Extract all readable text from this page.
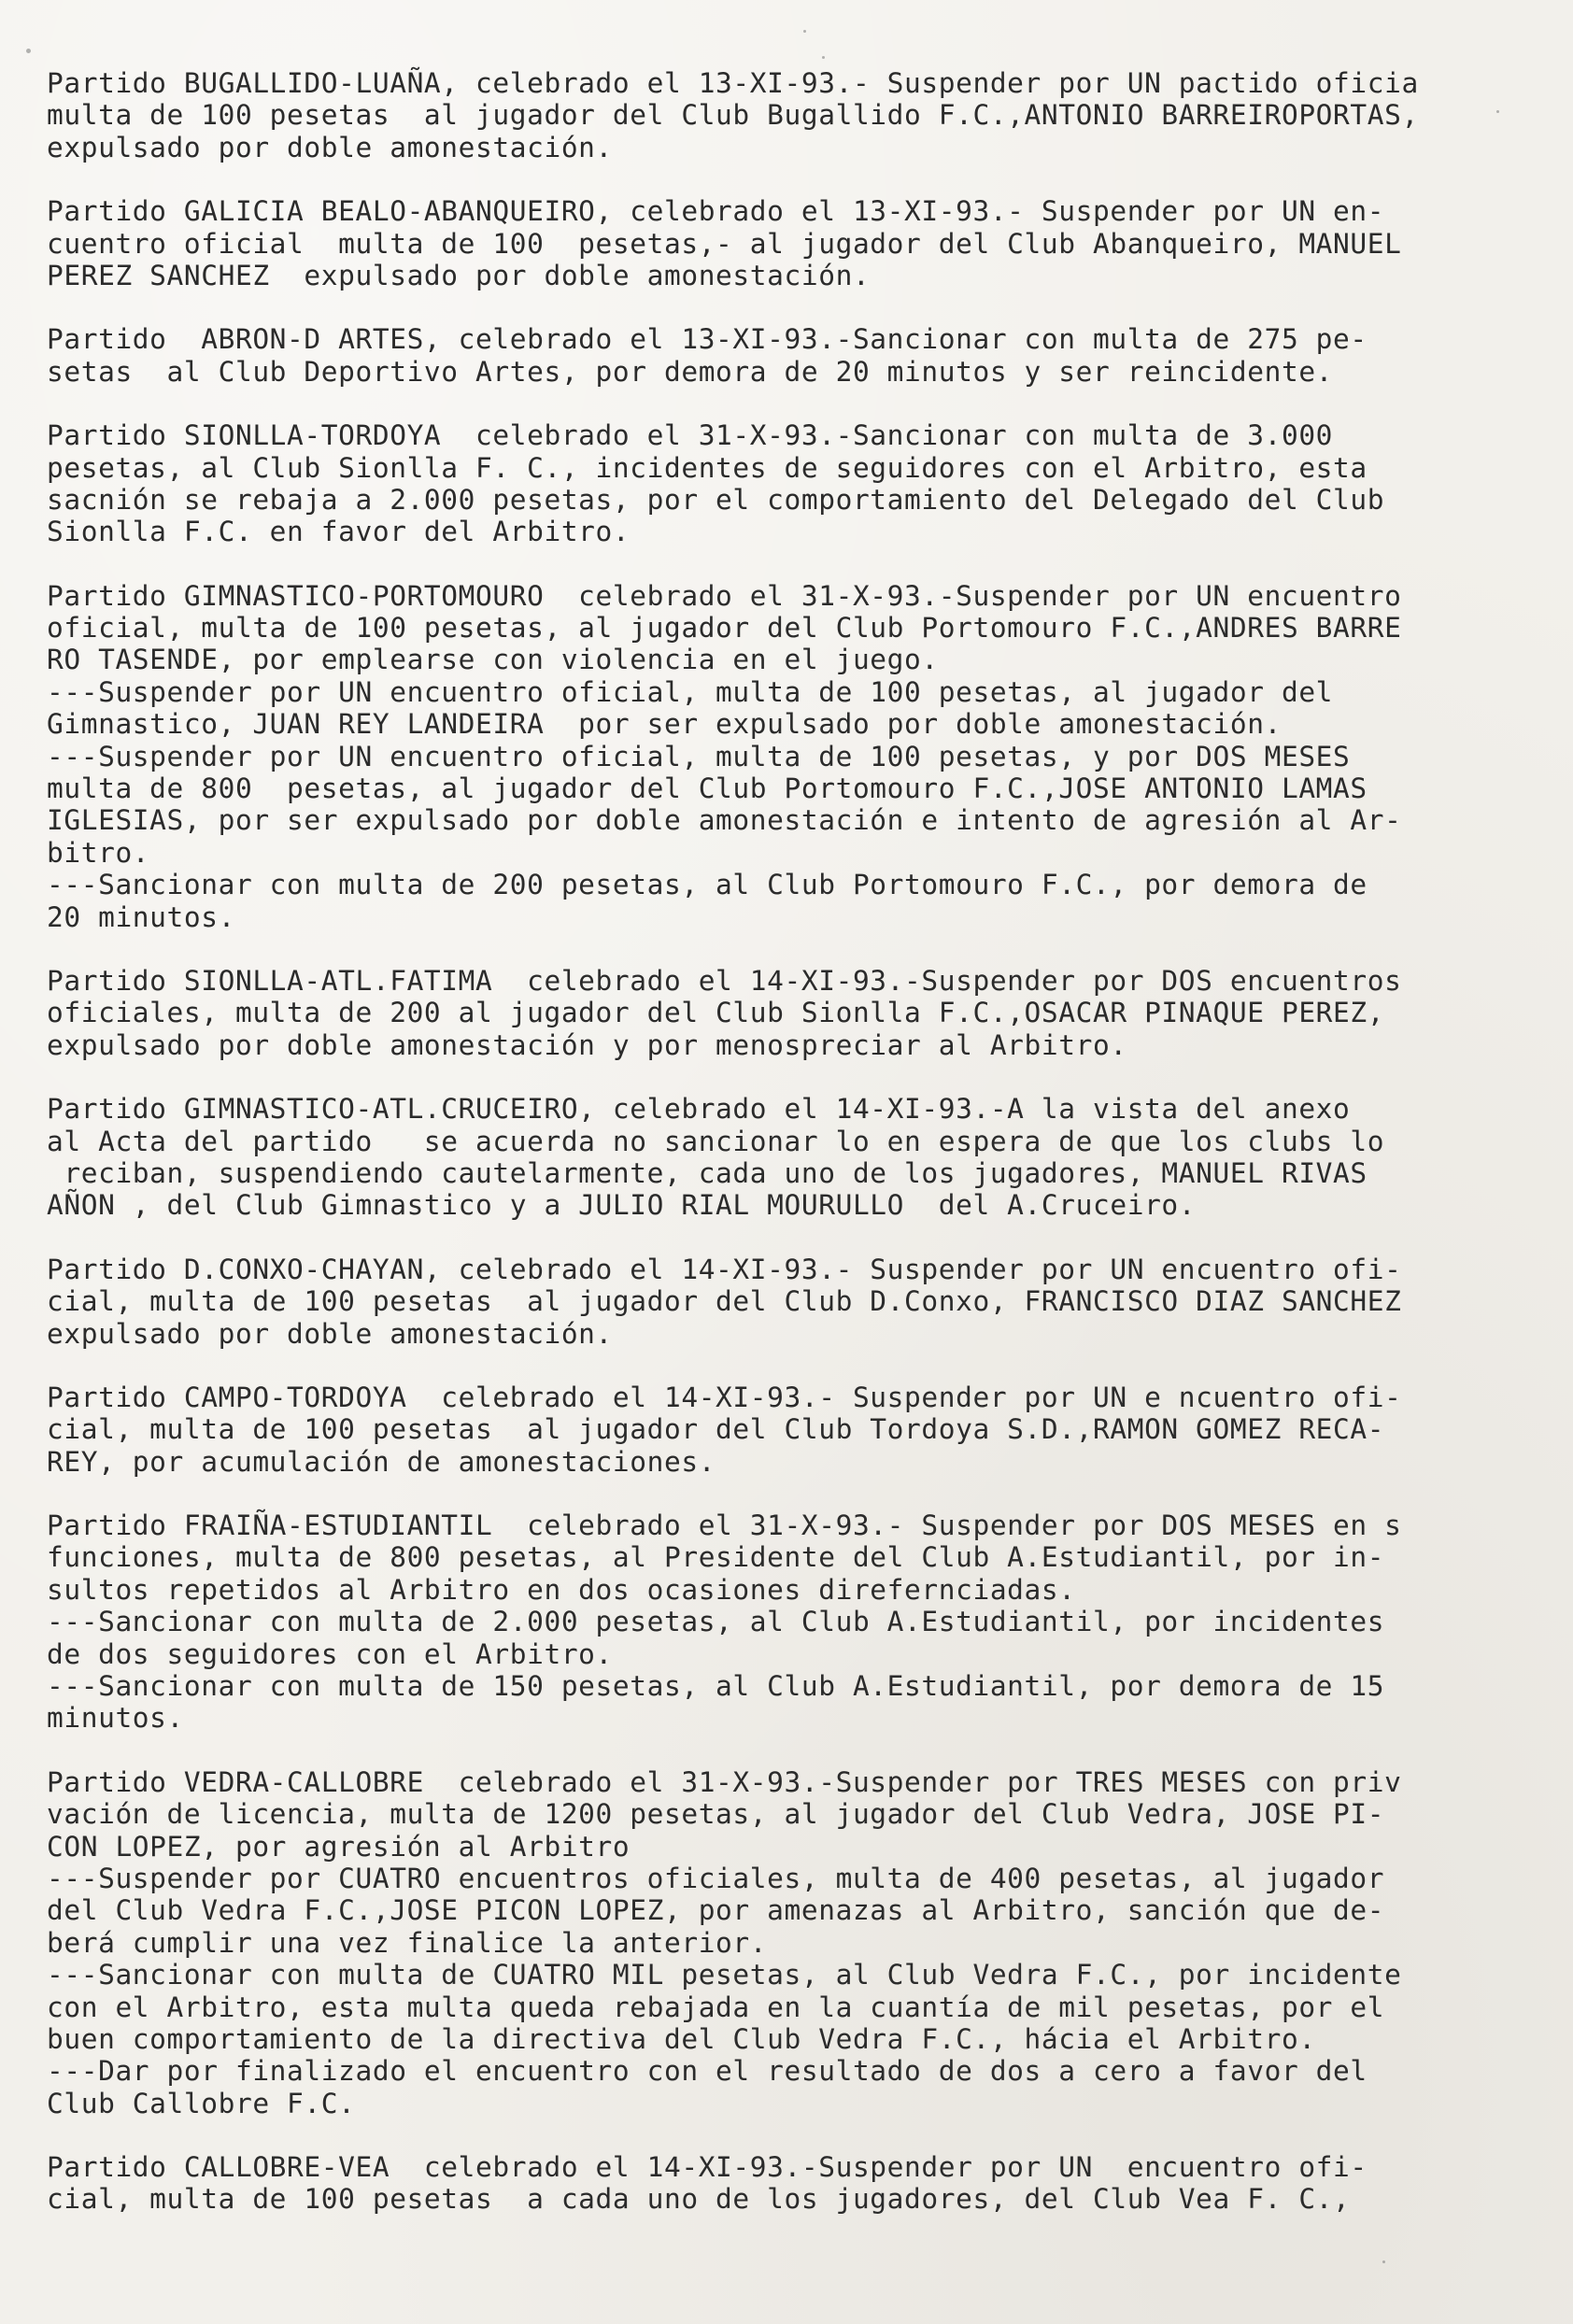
Partido BUGALLIDO-LUAÑA, celebrado el 13-XI-93.- Suspender por UN pactido oficia
multa de 100 pesetas  al jugador del Club Bugallido F.C.,ANTONIO BARREIROPORTAS,
expulsado por doble amonestación.
Partido GALICIA BEALO-ABANQUEIRO, celebrado el 13-XI-93.- Suspender por UN en-
cuentro oficial  multa de 100  pesetas,- al jugador del Club Abanqueiro, MANUEL
PEREZ SANCHEZ  expulsado por doble amonestación.
Partido  ABRON-D ARTES, celebrado el 13-XI-93.-Sancionar con multa de 275 pe-
setas  al Club Deportivo Artes, por demora de 20 minutos y ser reincidente.
Partido SIONLLA-TORDOYA  celebrado el 31-X-93.-Sancionar con multa de 3.000
pesetas, al Club Sionlla F. C., incidentes de seguidores con el Arbitro, esta
sacnión se rebaja a 2.000 pesetas, por el comportamiento del Delegado del Club
Sionlla F.C. en favor del Arbitro.
Partido GIMNASTICO-PORTOMOURO  celebrado el 31-X-93.-Suspender por UN encuentro
oficial, multa de 100 pesetas, al jugador del Club Portomouro F.C.,ANDRES BARRE
RO TASENDE, por emplearse con violencia en el juego.
---Suspender por UN encuentro oficial, multa de 100 pesetas, al jugador del
Gimnastico, JUAN REY LANDEIRA  por ser expulsado por doble amonestación.
---Suspender por UN encuentro oficial, multa de 100 pesetas, y por DOS MESES
multa de 800  pesetas, al jugador del Club Portomouro F.C.,JOSE ANTONIO LAMAS
IGLESIAS, por ser expulsado por doble amonestación e intento de agresión al Ar-
bitro.
---Sancionar con multa de 200 pesetas, al Club Portomouro F.C., por demora de
20 minutos.
Partido SIONLLA-ATL.FATIMA  celebrado el 14-XI-93.-Suspender por DOS encuentros
oficiales, multa de 200 al jugador del Club Sionlla F.C.,OSACAR PINAQUE PEREZ,
expulsado por doble amonestación y por menospreciar al Arbitro.
Partido GIMNASTICO-ATL.CRUCEIRO, celebrado el 14-XI-93.-A la vista del anexo
al Acta del partido   se acuerda no sancionar lo en espera de que los clubs lo
reciban, suspendiendo cautelarmente, cada uno de los jugadores, MANUEL RIVAS
AÑON , del Club Gimnastico y a JULIO RIAL MOURULLO  del A.Cruceiro.
Partido D.CONXO-CHAYAN, celebrado el 14-XI-93.- Suspender por UN encuentro ofi-
cial, multa de 100 pesetas  al jugador del Club D.Conxo, FRANCISCO DIAZ SANCHEZ
expulsado por doble amonestación.
Partido CAMPO-TORDOYA  celebrado el 14-XI-93.- Suspender por UN e ncuentro ofi-
cial, multa de 100 pesetas  al jugador del Club Tordoya S.D.,RAMON GOMEZ RECA-
REY, por acumulación de amonestaciones.
Partido FRAIÑA-ESTUDIANTIL  celebrado el 31-X-93.- Suspender por DOS MESES en s
funciones, multa de 800 pesetas, al Presidente del Club A.Estudiantil, por in-
sultos repetidos al Arbitro en dos ocasiones direfernciadas.
---Sancionar con multa de 2.000 pesetas, al Club A.Estudiantil, por incidentes
de dos seguidores con el Arbitro.
---Sancionar con multa de 150 pesetas, al Club A.Estudiantil, por demora de 15
minutos.
Partido VEDRA-CALLOBRE  celebrado el 31-X-93.-Suspender por TRES MESES con priv
vación de licencia, multa de 1200 pesetas, al jugador del Club Vedra, JOSE PI-
CON LOPEZ, por agresión al Arbitro
---Suspender por CUATRO encuentros oficiales, multa de 400 pesetas, al jugador
del Club Vedra F.C.,JOSE PICON LOPEZ, por amenazas al Arbitro, sanción que de-
berá cumplir una vez finalice la anterior.
---Sancionar con multa de CUATRO MIL pesetas, al Club Vedra F.C., por incidente
con el Arbitro, esta multa queda rebajada en la cuantía de mil pesetas, por el
buen comportamiento de la directiva del Club Vedra F.C., hácia el Arbitro.
---Dar por finalizado el encuentro con el resultado de dos a cero a favor del
Club Callobre F.C.
Partido CALLOBRE-VEA  celebrado el 14-XI-93.-Suspender por UN  encuentro ofi-
cial, multa de 100 pesetas  a cada uno de los jugadores, del Club Vea F. C.,
